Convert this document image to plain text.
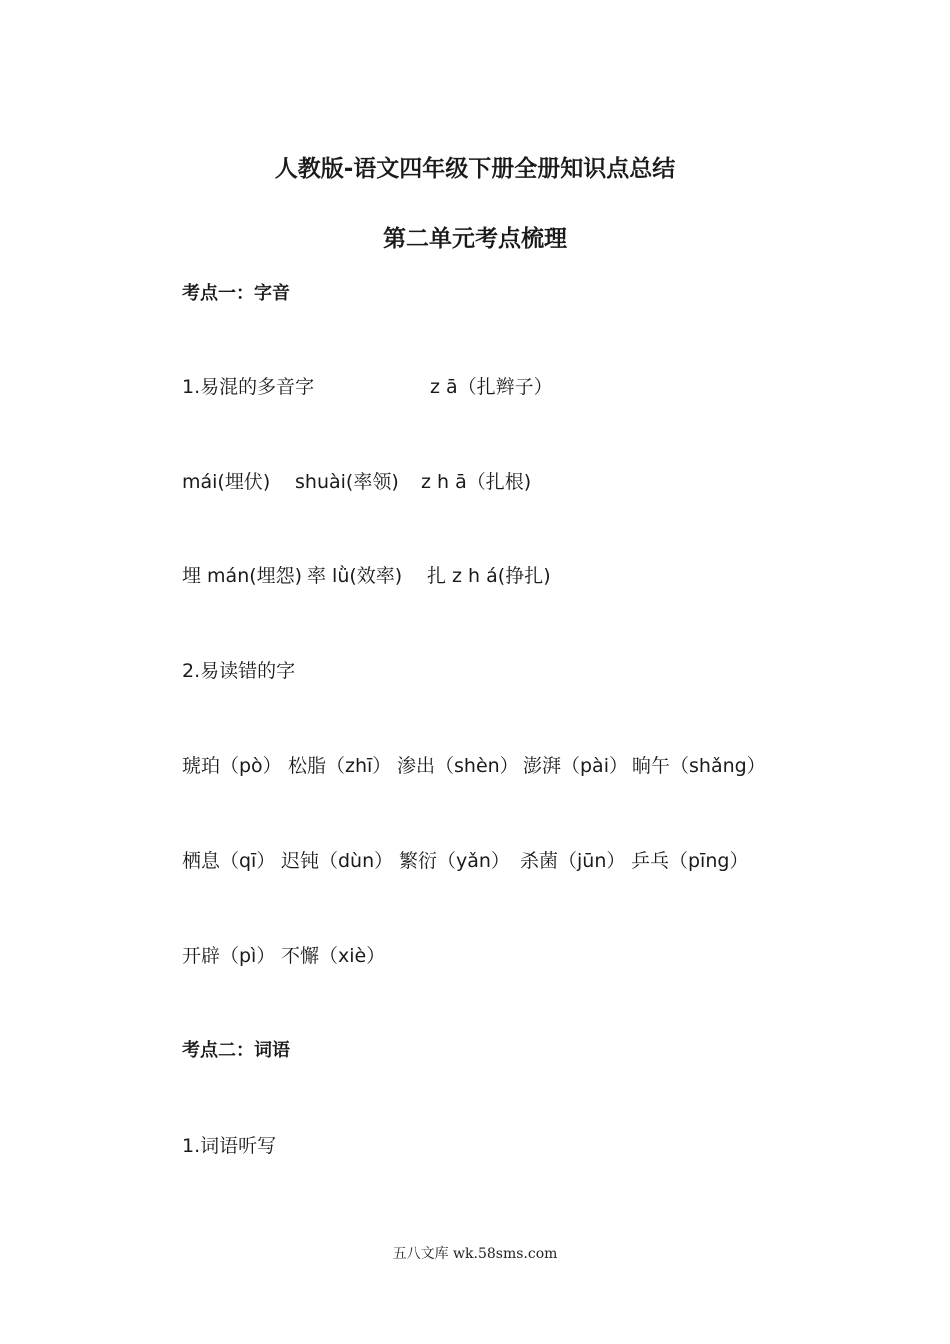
人教版-语文四年级下册全册知识点总结
第二单元考点梳理
考点一：字音
1.易混的多音字	z ā（扎辫子）
mái(埋伏) shuài(率领) z h ā（扎根)
埋 mán(埋怨) 率 lǜ(效率) 扎 z h á(挣扎)
2.易读错的字
琥珀（pò） 松脂（zhī） 渗出（shèn） 澎湃（pài） 晌午（shǎng）
栖息（qī） 迟钝（dùn） 繁衍（yǎn） 杀菌（jūn） 乒乓（pīng）
开辟（pì） 不懈（xiè）
考点二：词语
1.词语听写
五八文库 wk.58sms.com
